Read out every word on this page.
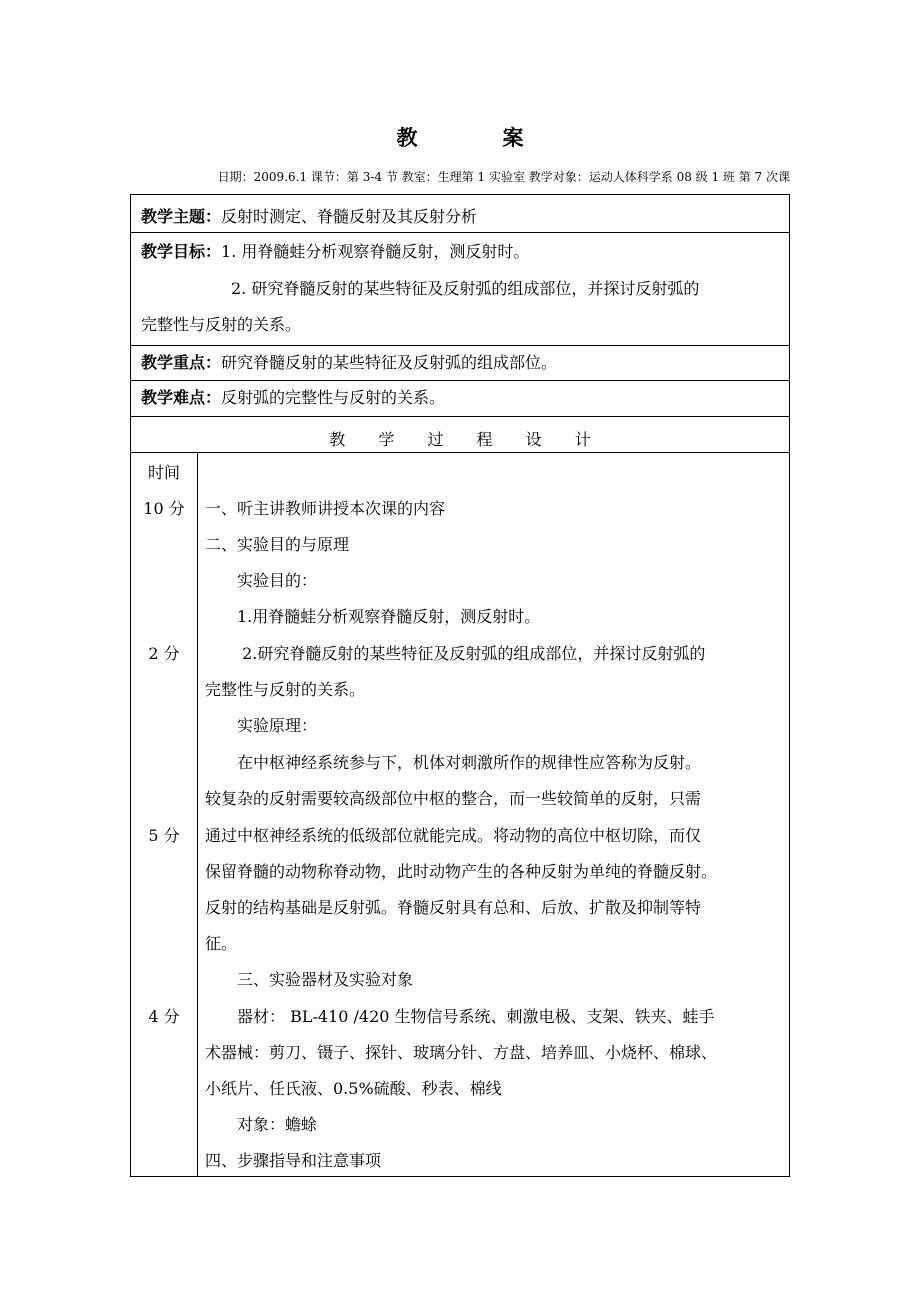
教　案
日期：2009.6.1 课节：第 3-4 节 教室：生理第 1 实验室 教学对象：运动人体科学系 08 级 1 班 第 7 次课
教学主题：反射时测定、脊髓反射及其反射分析
教学目标：1. 用脊髓蛙分析观察脊髓反射，测反射时。
2. 研究脊髓反射的某些特征及反射弧的组成部位，并探讨反射弧的
完整性与反射的关系。
教学重点：研究脊髓反射的某些特征及反射弧的组成部位。
教学难点：反射弧的完整性与反射的关系。
教 学 过 程 设 计
时间
10 分
2 分
5 分
4 分
一、听主讲教师讲授本次课的内容
二、实验目的与原理
　　实验目的：
　　1.用脊髓蛙分析观察脊髓反射，测反射时。
　　 2.研究脊髓反射的某些特征及反射弧的组成部位，并探讨反射弧的
完整性与反射的关系。
　　实验原理：
　　在中枢神经系统参与下，机体对刺激所作的规律性应答称为反射。
较复杂的反射需要较高级部位中枢的整合，而一些较简单的反射，只需
通过中枢神经系统的低级部位就能完成。将动物的高位中枢切除，而仅
保留脊髓的动物称脊动物，此时动物产生的各种反射为单纯的脊髓反射。
反射的结构基础是反射弧。脊髓反射具有总和、后放、扩散及抑制等特
征。
　　三、实验器材及实验对象
　　器材： BL-410 /420 生物信号系统、刺激电极、支架、铁夹、蛙手
术器械：剪刀、镊子、探针、玻璃分针、方盘、培养皿、小烧杯、棉球、
小纸片、任氏液、0.5%硫酸、秒表、棉线
　　对象：蟾蜍
四、步骤指导和注意事项
